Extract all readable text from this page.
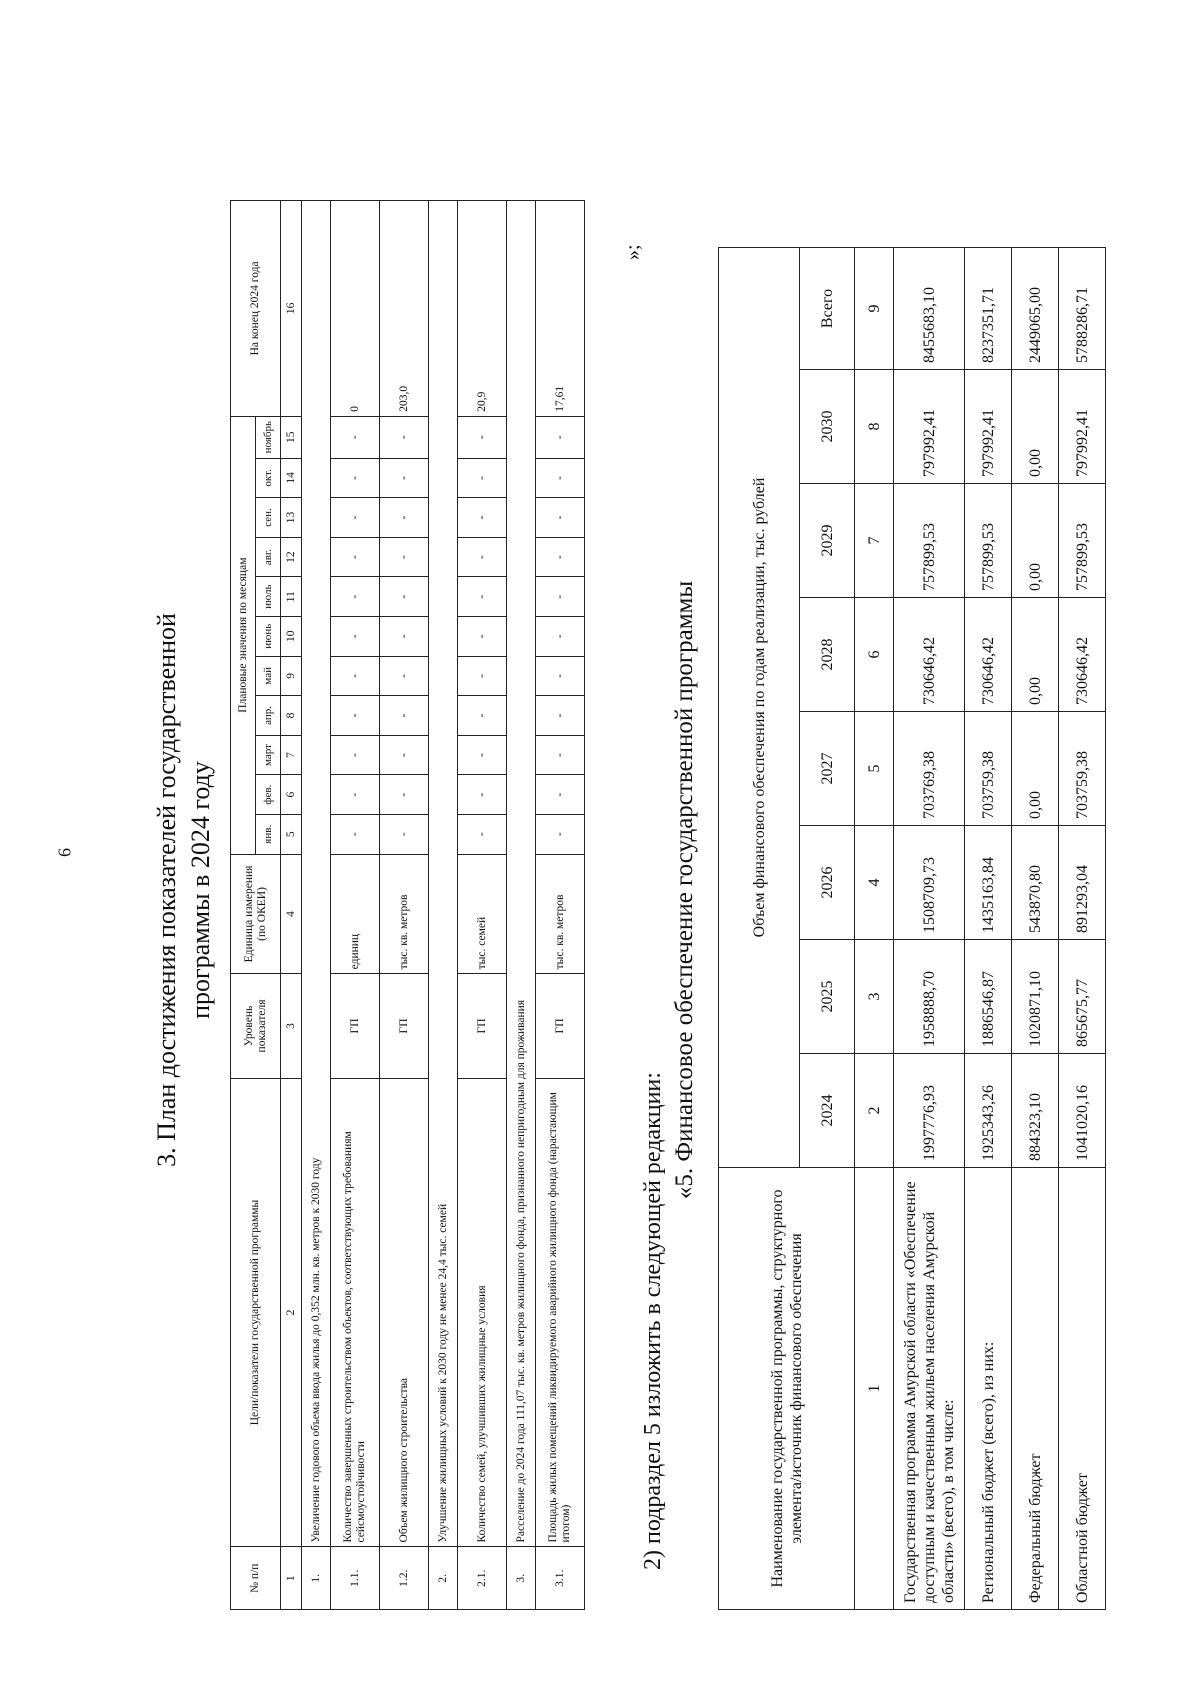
6	3. План достижения показателей государственной программы в 2024 году
№ п/п	Цели/показатели государственной программы	Уровень показателя	Единица измерения (по ОКЕИ)	Плановые значения по месяцам											На конец 2024 года
				янв.	фев.	март	апр.	май	июнь	июль	авг.	сен.	окт.	ноябрь	
1	2	3	4	5	6	7	8	9	10	11	12	13	14	15	16
1.	Увеличение годового объема ввода жилья до 0,352 млн. кв. метров к 2030 году														
1.1.	Количество завершенных строительством объектов, соответствующих требованиям сейсмоустойчивости	ГП	единиц	-	-	-	-	-	-	-	-	-	-	-	0
1.2.	Объем жилищного строительства	ГП	тыс. кв. метров	-	-	-	-	-	-	-	-	-	-	-	203,0
2.	Улучшение жилищных условий к 2030 году не менее 24,4 тыс. семей														
2.1.	Количество семей, улучшивших жилищные условия	ГП	тыс. семей	-	-	-	-	-	-	-	-	-	-	-	20,9
3.	Расселение до 2024 года 111,07 тыс. кв. метров жилищного фонда, признанного непригодным для проживания														
3.1.	Площадь жилых помещений ликвидируемого аварийного жилищного фонда (нарастающим итогом)	ГП	тыс. кв. метров	-	-	-	-	-	-	-	-	-	-	-	17,61
»;
2) подраздел 5 изложить в следующей редакции:
«5. Финансовое обеспечение государственной программы
Наименование государственной программы, структурного элемента/источник финансового обеспечения	Объем финансового обеспечения по годам реализации, тыс. рублей							
	2024	2025	2026	2027	2028	2029	2030	Всего
1	2	3	4	5	6	7	8	9
Государственная программа Амурской области «Обеспечение доступным и качественным жильем населения Амурской области» (всего), в том числе:	1997776,93	1958888,70	1508709,73	703769,38	730646,42	757899,53	797992,41	8455683,10
Региональный бюджет (всего), из них:	1925343,26	1886546,87	1435163,84	703759,38	730646,42	757899,53	797992,41	8237351,71
Федеральный бюджет	884323,10	1020871,10	543870,80	0,00	0,00	0,00	0,00	2449065,00
Областной бюджет	1041020,16	865675,77	891293,04	703759,38	730646,42	757899,53	797992,41	5788286,71
